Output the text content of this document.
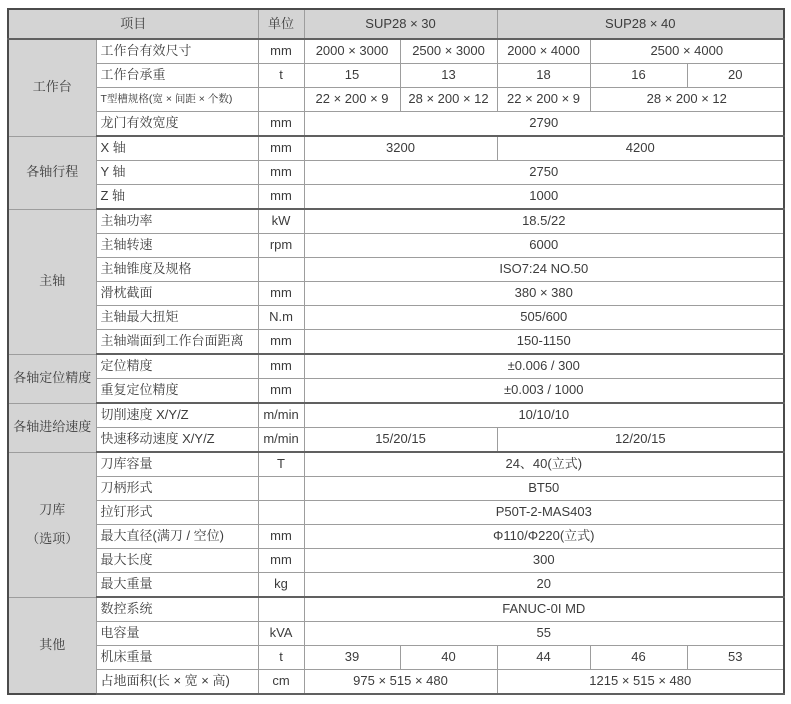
项目		单位	SUP28 × 30		SUP28 × 40		

工作台	工作台有效尺寸	mm	2000 × 3000	2500 × 3000	2000 × 4000	2500 × 4000	
	工作台承重	t	15	13	18	16	20
	T型槽规格(宽 × 间距 × 个数)		22 × 200 × 9	28 × 200 × 12	22 × 200 × 9	28 × 200 × 12	
	龙门有效宽度	mm	2790				

各轴行程	X 轴	mm	3200		4200		
	Y 轴	mm	2750				
	Z 轴	mm	1000				

主轴	主轴功率	kW	18.5/22				
	主轴转速	rpm	6000				
	主轴锥度及规格		ISO7:24 NO.50				
	滑枕截面	mm	380 × 380				
	主轴最大扭矩	N.m	505/600				
	主轴端面到工作台面距离	mm	150-1150				

各轴定位精度	定位精度	mm	±0.006 / 300				
	重复定位精度	mm	±0.003 / 1000				

各轴进给速度	切削速度 X/Y/Z	m/min	10/10/10				
	快速移动速度 X/Y/Z	m/min	15/20/15		12/20/15		

刀库
（选项）	刀库容量	T	24、40(立式)				
	刀柄形式		BT50				
	拉钉形式		P50T-2-MAS403				
	最大直径(满刀 / 空位)	mm	Φ110/Φ220(立式)				
	最大长度	mm	300				
	最大重量	kg	20				

其他	数控系统		FANUC-0I MD				
	电容量	kVA	55				
	机床重量	t	39	40	44	46	53
	占地面积(长 × 宽 × 高)	cm	975 × 515 × 480		1215 × 515 × 480		
